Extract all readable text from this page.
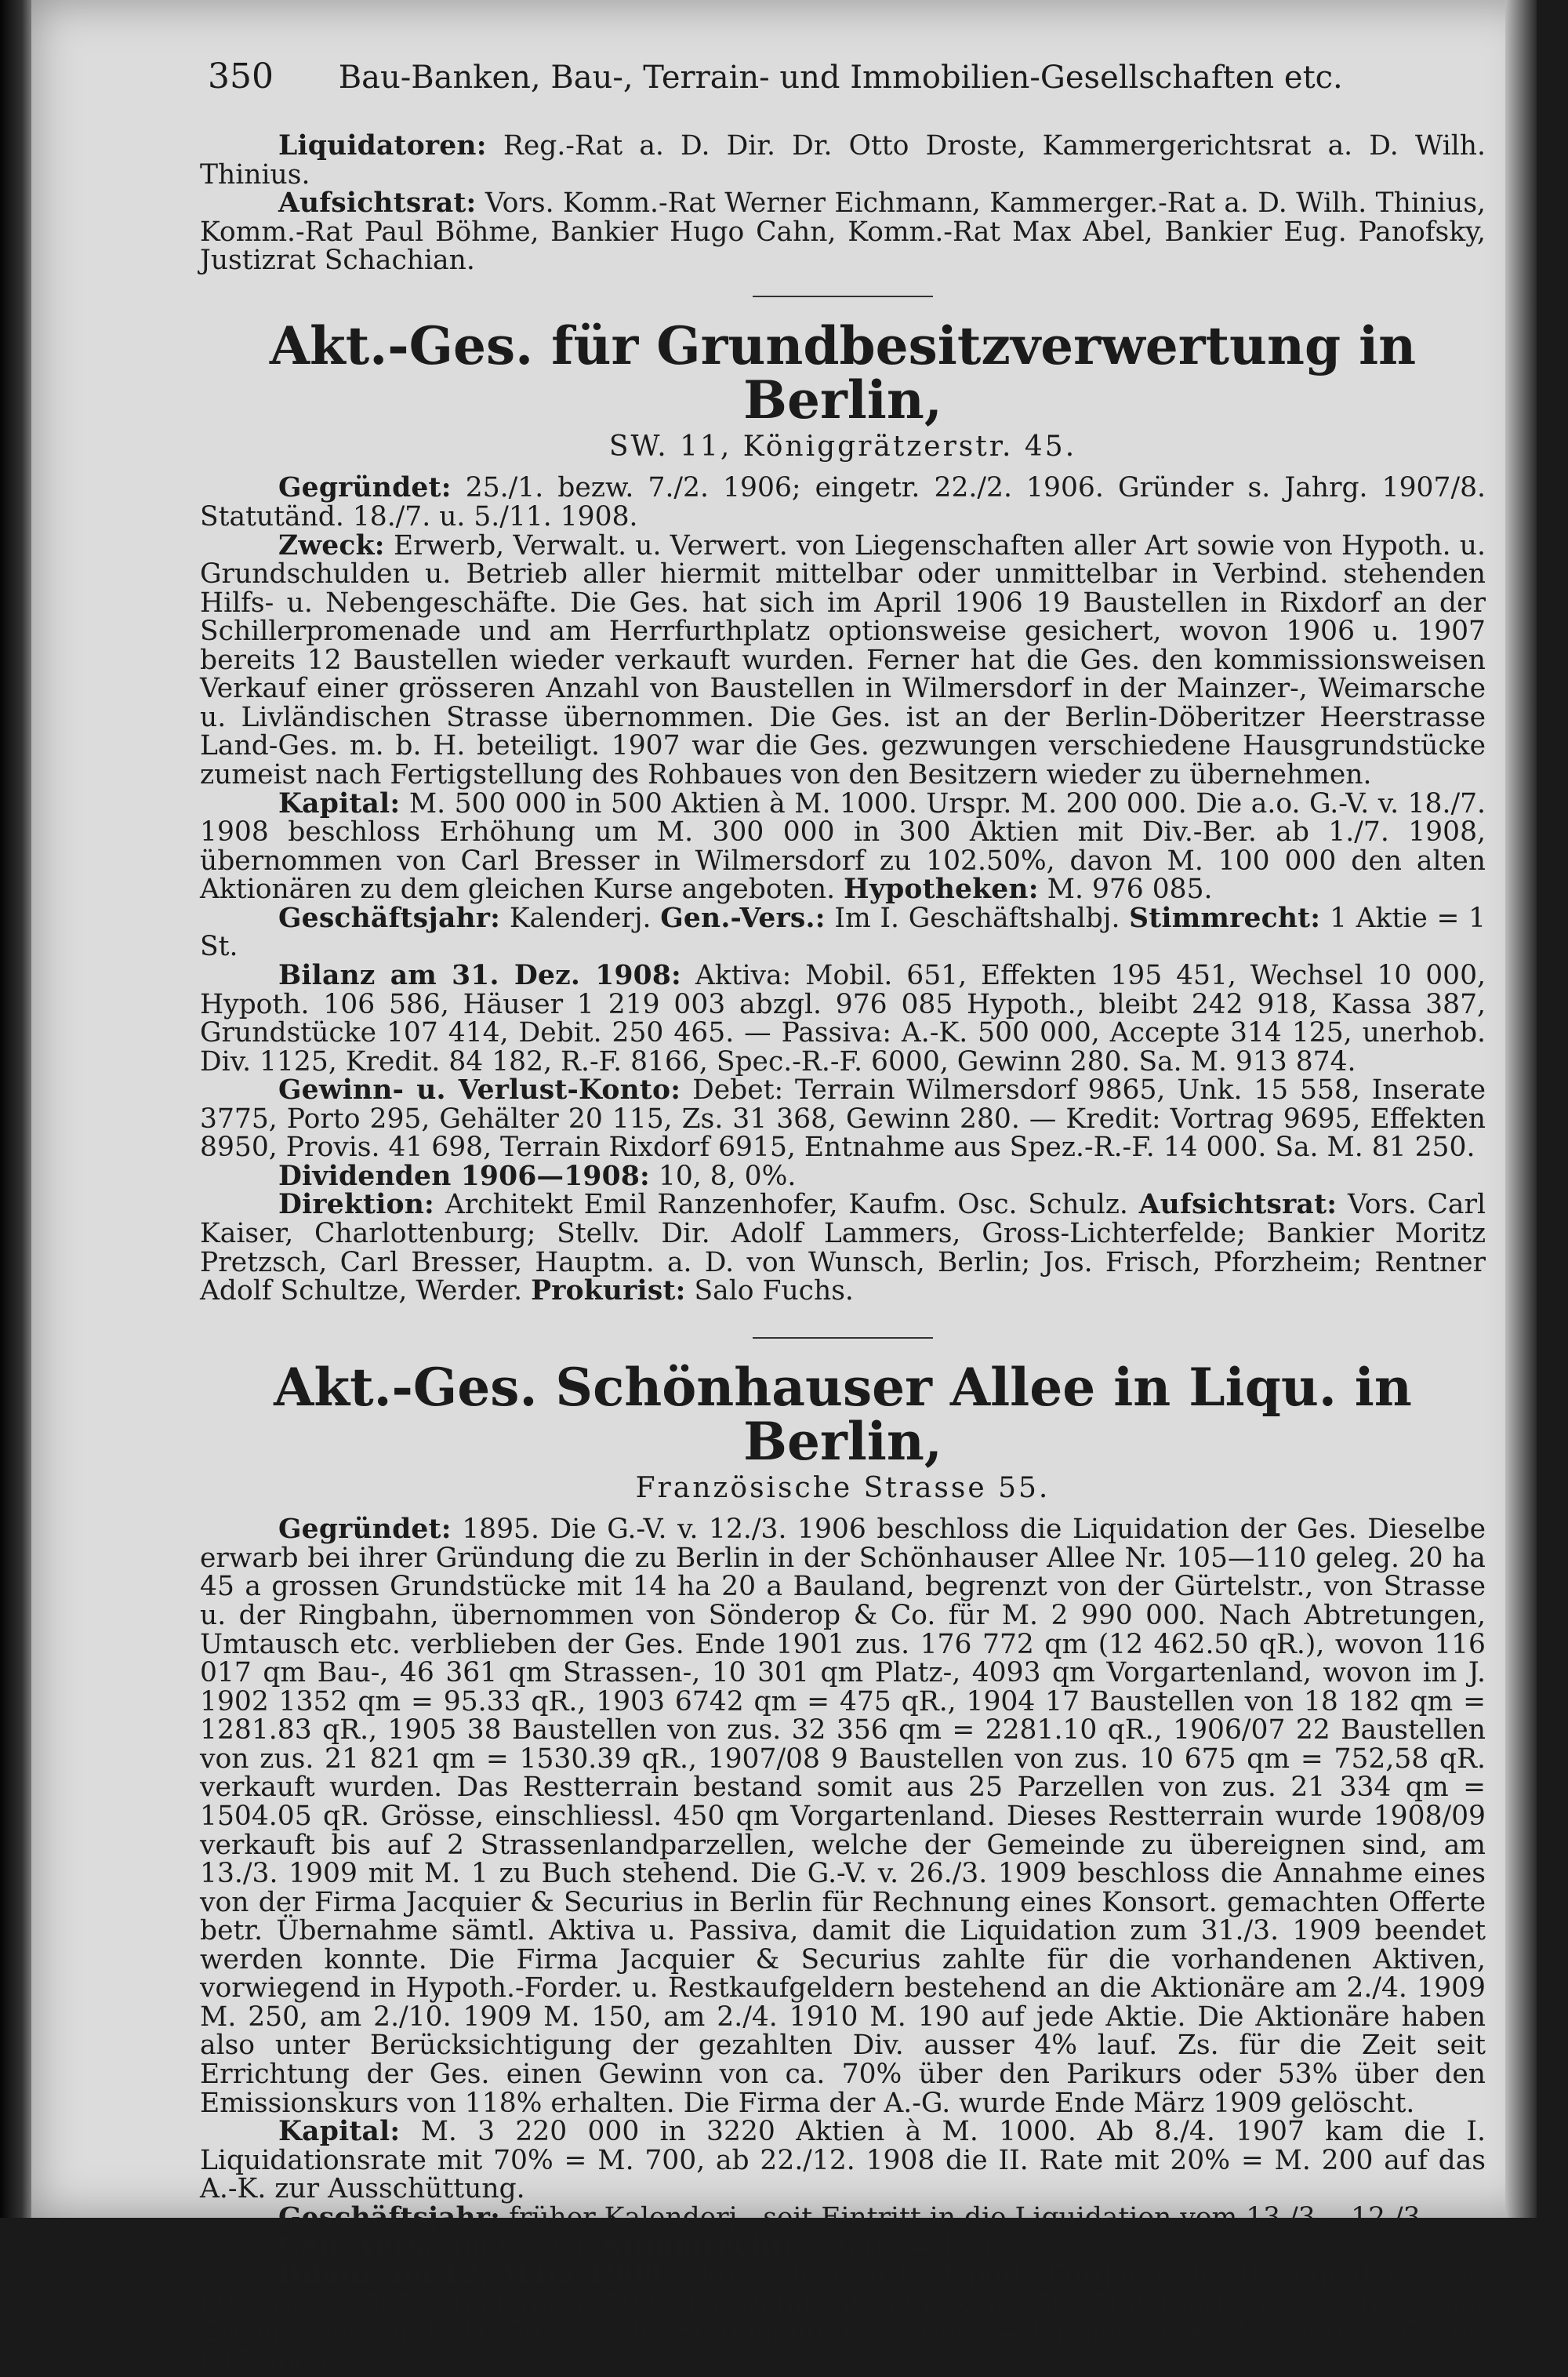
350 Bau-Banken, Bau-, Terrain- und Immobilien-Gesellschaften etc.

Liquidatoren: Reg.-Rat a. D. Dir. Dr. Otto Droste, Kammergerichtsrat a. D. Wilh. Thinius.

Aufsichtsrat: Vors. Komm.-Rat Werner Eichmann, Kammerger.-Rat a. D. Wilh. Thinius, Komm.-Rat Paul Böhme, Bankier Hugo Cahn, Komm.-Rat Max Abel, Bankier Eug. Panofsky, Justizrat Schachian.

Akt.-Ges. für Grundbesitzverwertung in Berlin,
SW. 11, Königgrätzerstr. 45.

Gegründet: 25./1. bezw. 7./2. 1906; eingetr. 22./2. 1906. Gründer s. Jahrg. 1907/8. Statutänd. 18./7. u. 5./11. 1908.

Zweck: Erwerb, Verwalt. u. Verwert. von Liegenschaften aller Art sowie von Hypoth. u. Grundschulden u. Betrieb aller hiermit mittelbar oder unmittelbar in Verbind. stehenden Hilfs- u. Nebengeschäfte. Die Ges. hat sich im April 1906 19 Baustellen in Rixdorf an der Schillerpromenade und am Herrfurthplatz optionsweise gesichert, wovon 1906 u. 1907 bereits 12 Baustellen wieder verkauft wurden. Ferner hat die Ges. den kommissionsweisen Verkauf einer grösseren Anzahl von Baustellen in Wilmersdorf in der Mainzer-, Weimarsche u. Livländischen Strasse übernommen. Die Ges. ist an der Berlin-Döberitzer Heerstrasse Land-Ges. m. b. H. beteiligt. 1907 war die Ges. gezwungen verschiedene Hausgrundstücke zumeist nach Fertigstellung des Rohbaues von den Besitzern wieder zu übernehmen.

Kapital: M. 500 000 in 500 Aktien à M. 1000. Urspr. M. 200 000. Die a.o. G.-V. v. 18./7. 1908 beschloss Erhöhung um M. 300 000 in 300 Aktien mit Div.-Ber. ab 1./7. 1908, übernommen von Carl Bresser in Wilmersdorf zu 102.50%, davon M. 100 000 den alten Aktionären zu dem gleichen Kurse angeboten. Hypotheken: M. 976 085.

Geschäftsjahr: Kalenderj. Gen.-Vers.: Im I. Geschäftshalbj. Stimmrecht: 1 Aktie = 1 St.

Bilanz am 31. Dez. 1908: Aktiva: Mobil. 651, Effekten 195 451, Wechsel 10 000, Hypoth. 106 586, Häuser 1 219 003 abzgl. 976 085 Hypoth., bleibt 242 918, Kassa 387, Grundstücke 107 414, Debit. 250 465. — Passiva: A.-K. 500 000, Accepte 314 125, unerhob. Div. 1125, Kredit. 84 182, R.-F. 8166, Spec.-R.-F. 6000, Gewinn 280. Sa. M. 913 874.

Gewinn- u. Verlust-Konto: Debet: Terrain Wilmersdorf 9865, Unk. 15 558, Inserate 3775, Porto 295, Gehälter 20 115, Zs. 31 368, Gewinn 280. — Kredit: Vortrag 9695, Effekten 8950, Provis. 41 698, Terrain Rixdorf 6915, Entnahme aus Spez.-R.-F. 14 000. Sa. M. 81 250.

Dividenden 1906—1908: 10, 8, 0%.

Direktion: Architekt Emil Ranzenhofer, Kaufm. Osc. Schulz. Aufsichtsrat: Vors. Carl Kaiser, Charlottenburg; Stellv. Dir. Adolf Lammers, Gross-Lichterfelde; Bankier Moritz Pretzsch, Carl Bresser, Hauptm. a. D. von Wunsch, Berlin; Jos. Frisch, Pforzheim; Rentner Adolf Schultze, Werder. Prokurist: Salo Fuchs.

Akt.-Ges. Schönhauser Allee in Liqu. in Berlin,
Französische Strasse 55.

Gegründet: 1895. Die G.-V. v. 12./3. 1906 beschloss die Liquidation der Ges. Dieselbe erwarb bei ihrer Gründung die zu Berlin in der Schönhauser Allee Nr. 105—110 geleg. 20 ha 45 a grossen Grundstücke mit 14 ha 20 a Bauland, begrenzt von der Gürtelstr., von Strasse u. der Ringbahn, übernommen von Sönderop & Co. für M. 2 990 000. Nach Abtretungen, Umtausch etc. verblieben der Ges. Ende 1901 zus. 176 772 qm (12 462.50 qR.), wovon 116 017 qm Bau-, 46 361 qm Strassen-, 10 301 qm Platz-, 4093 qm Vorgartenland, wovon im J. 1902 1352 qm = 95.33 qR., 1903 6742 qm = 475 qR., 1904 17 Baustellen von 18 182 qm = 1281.83 qR., 1905 38 Baustellen von zus. 32 356 qm = 2281.10 qR., 1906/07 22 Baustellen von zus. 21 821 qm = 1530.39 qR., 1907/08 9 Baustellen von zus. 10 675 qm = 752,58 qR. verkauft wurden. Das Restterrain bestand somit aus 25 Parzellen von zus. 21 334 qm = 1504.05 qR. Grösse, einschliessl. 450 qm Vorgartenland. Dieses Restterrain wurde 1908/09 verkauft bis auf 2 Strassenlandparzellen, welche der Gemeinde zu übereignen sind, am 13./3. 1909 mit M. 1 zu Buch stehend. Die G.-V. v. 26./3. 1909 beschloss die Annahme eines von der Firma Jacquier & Securius in Berlin für Rechnung eines Konsort. gemachten Offerte betr. Übernahme sämtl. Aktiva u. Passiva, damit die Liquidation zum 31./3. 1909 beendet werden konnte. Die Firma Jacquier & Securius zahlte für die vorhandenen Aktiven, vorwiegend in Hypoth.-Forder. u. Restkaufgeldern bestehend an die Aktionäre am 2./4. 1909 M. 250, am 2./10. 1909 M. 150, am 2./4. 1910 M. 190 auf jede Aktie. Die Aktionäre haben also unter Berücksichtigung der gezahlten Div. ausser 4% lauf. Zs. für die Zeit seit Errichtung der Ges. einen Gewinn von ca. 70% über den Parikurs oder 53% über den Emissionskurs von 118% erhalten. Die Firma der A.-G. wurde Ende März 1909 gelöscht.

Kapital: M. 3 220 000 in 3220 Aktien à M. 1000. Ab 8./4. 1907 kam die I. Liquidationsrate mit 70% = M. 700, ab 22./12. 1908 die II. Rate mit 20% = M. 200 auf das A.-K. zur Ausschüttung.

Geschäftsjahr: früher Kalenderj., seit Eintritt in die Liquidation vom 13./3.—12./3.

Gen.-Vers.: Im I. Sem. Stimmrecht: 1 Aktie = 1 St.

Bilanz am 12. März 1909: Aktiva: Terrain 1, Hypoth.-Forder. u. Restkaufgelder 1 194 000, Kassa 5072, Bankguth. 709 015, Debit. 86 826, Kaut. 50, Effekten-Kaut. 37 760, Real-Erwerb-Ges. m. b. H. 59 100, do. Stammanteile 65 000. — Passiva: A.-K. 322 000, R.-F. 100 647, nicht
